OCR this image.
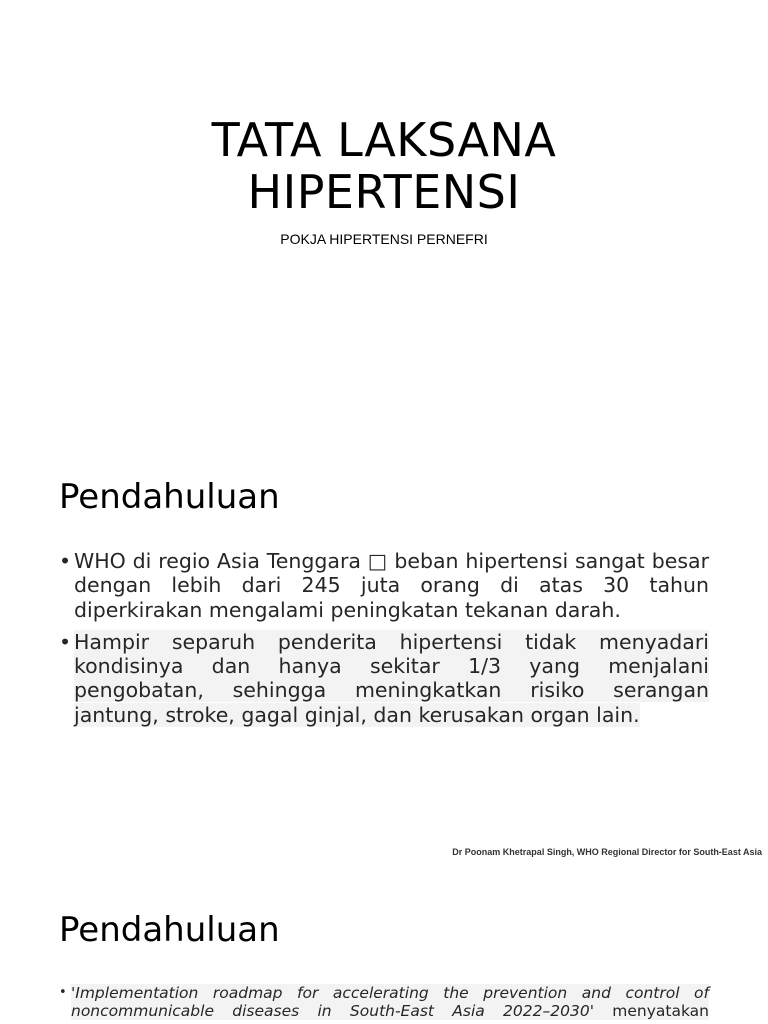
TATA LAKSANA
HIPERTENSI

POKJA HIPERTENSI PERNEFRI

Pendahuluan
• WHO di regio Asia Tenggara □ beban hipertensi sangat besar dengan lebih dari 245 juta orang di atas 30 tahun diperkirakan mengalami peningkatan tekanan darah.
• Hampir separuh penderita hipertensi tidak menyadari kondisinya dan hanya sekitar 1/3 yang menjalani pengobatan, sehingga meningkatkan risiko serangan jantung, stroke, gagal ginjal, dan kerusakan organ lain.
Dr Poonam Khetrapal Singh, WHO Regional Director for South-East Asia
Pendahuluan
• 'Implementation roadmap for accelerating the prevention and control of noncommunicable diseases in South-East Asia 2022–2030' menyatakan
